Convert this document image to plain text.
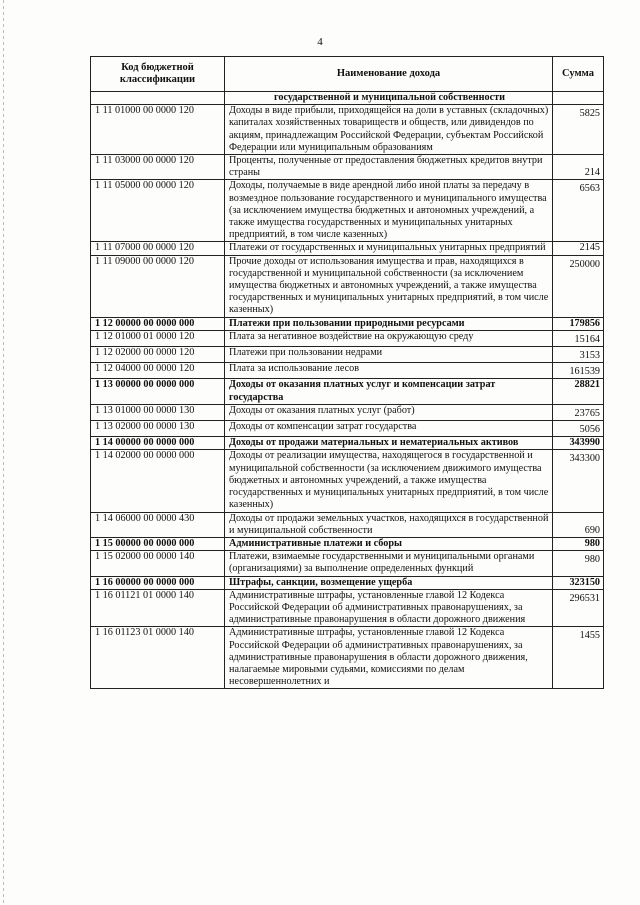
4
Код бюджетной классификации	Наименование дохода	Сумма
	государственной и муниципальной собственности	
1 11 01000 00 0000 120	Доходы в виде прибыли, приходящейся на доли в уставных (складочных) капиталах хозяйственных товариществ и обществ, или дивидендов по акциям, принадлежащим Российской Федерации, субъектам Российской Федерации или муниципальным образованиям	5825
1 11 03000 00 0000 120	Проценты, полученные от предоставления бюджетных кредитов внутри страны	214
1 11 05000 00 0000 120	Доходы, получаемые в виде арендной либо иной платы за передачу в возмездное пользование государственного и муниципального имущества (за исключением имущества бюджетных и автономных учреждений, а также имущества государственных и муниципальных унитарных предприятий, в том числе казенных)	6563
1 11 07000 00 0000 120	Платежи от государственных и муниципальных унитарных предприятий	2145
1 11 09000 00 0000 120	Прочие доходы от использования имущества и прав, находящихся в государственной и муниципальной собственности (за исключением имущества бюджетных и автономных учреждений, а также имущества государственных и муниципальных унитарных предприятий, в том числе казенных)	250000
1 12 00000 00 0000 000	Платежи при пользовании природными ресурсами	179856
1 12 01000 01 0000 120	Плата за негативное воздействие на окружающую среду	15164
1 12 02000 00 0000 120	Платежи при пользовании недрами	3153
1 12 04000 00 0000 120	Плата за использование лесов	161539
1 13 00000 00 0000 000	Доходы от оказания платных услуг и компенсации затрат государства	28821
1 13 01000 00 0000 130	Доходы от оказания платных услуг (работ)	23765
1 13 02000 00 0000 130	Доходы от компенсации затрат государства	5056
1 14 00000 00 0000 000	Доходы от продажи материальных и нематериальных активов	343990
1 14 02000 00 0000 000	Доходы от реализации имущества, находящегося в государственной и муниципальной собственности (за исключением движимого имущества бюджетных и автономных учреждений, а также имущества государственных и муниципальных унитарных предприятий, в том числе казенных)	343300
1 14 06000 00 0000 430	Доходы от продажи земельных участков, находящихся в государственной и муниципальной собственности	690
1 15 00000 00 0000 000	Административные платежи и сборы	980
1 15 02000 00 0000 140	Платежи, взимаемые государственными и муниципальными органами (организациями) за выполнение определенных функций	980
1 16 00000 00 0000 000	Штрафы, санкции, возмещение ущерба	323150
1 16 01121 01 0000 140	Административные штрафы, установленные главой 12 Кодекса Российской Федерации об административных правонарушениях, за административные правонарушения в области дорожного движения	296531
1 16 01123 01 0000 140	Административные штрафы, установленные главой 12 Кодекса Российской Федерации об административных правонарушениях, за административные правонарушения в области дорожного движения, налагаемые мировыми судьями, комиссиями по делам несовершеннолетних и	1455
